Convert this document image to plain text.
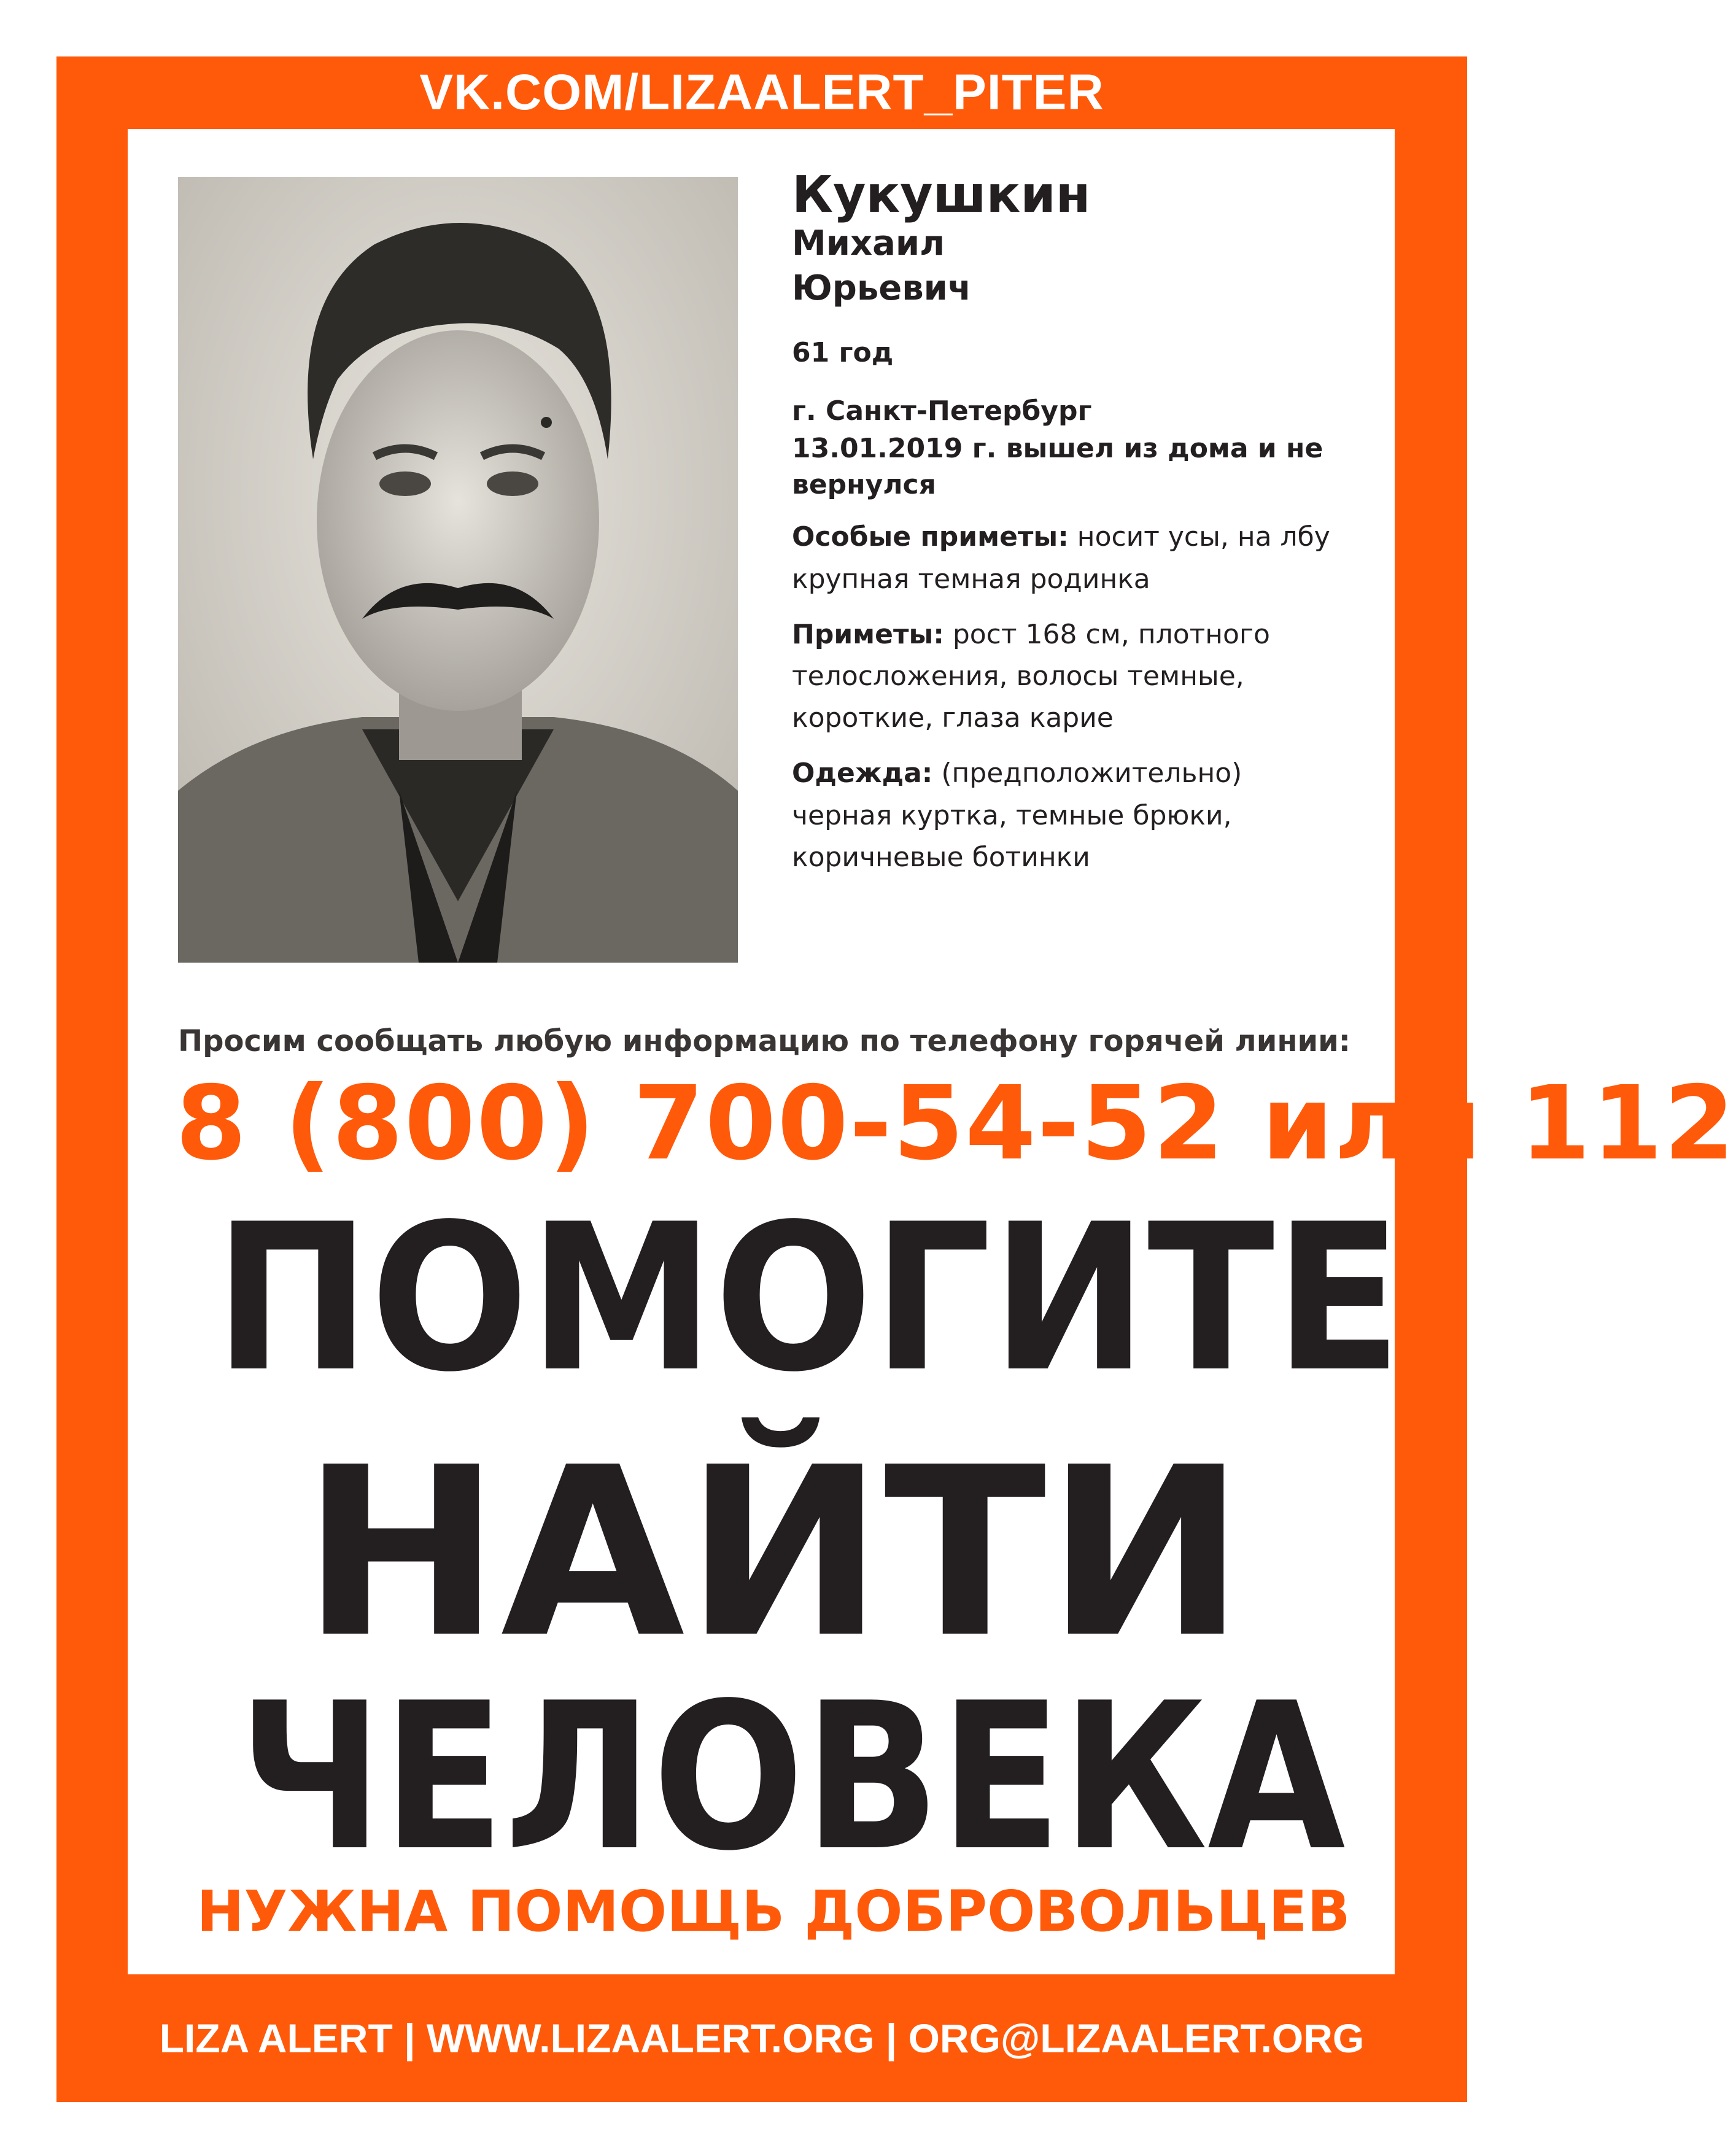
VK.COM/LIZAALERT_PITER
Кукушкин
Михаил
Юрьевич
61 год
г. Санкт-Петербург
13.01.2019 г. вышел из дома и не вернулся
Особые приметы: носит усы, на лбу крупная темная родинка
Приметы: рост 168 см, плотного телосложения, волосы темные, короткие, глаза карие
Одежда: (предположительно) черная куртка, темные брюки, коричневые ботинки
Просим сообщать любую информацию по телефону горячей линии:
8 (800) 700-54-52 или 112
ПОМОГИТЕ
НАЙТИ
ЧЕЛОВЕКА
НУЖНА ПОМОЩЬ ДОБРОВОЛЬЦЕВ
LIZA ALERT | WWW.LIZAALERT.ORG | ORG@LIZAALERT.ORG
